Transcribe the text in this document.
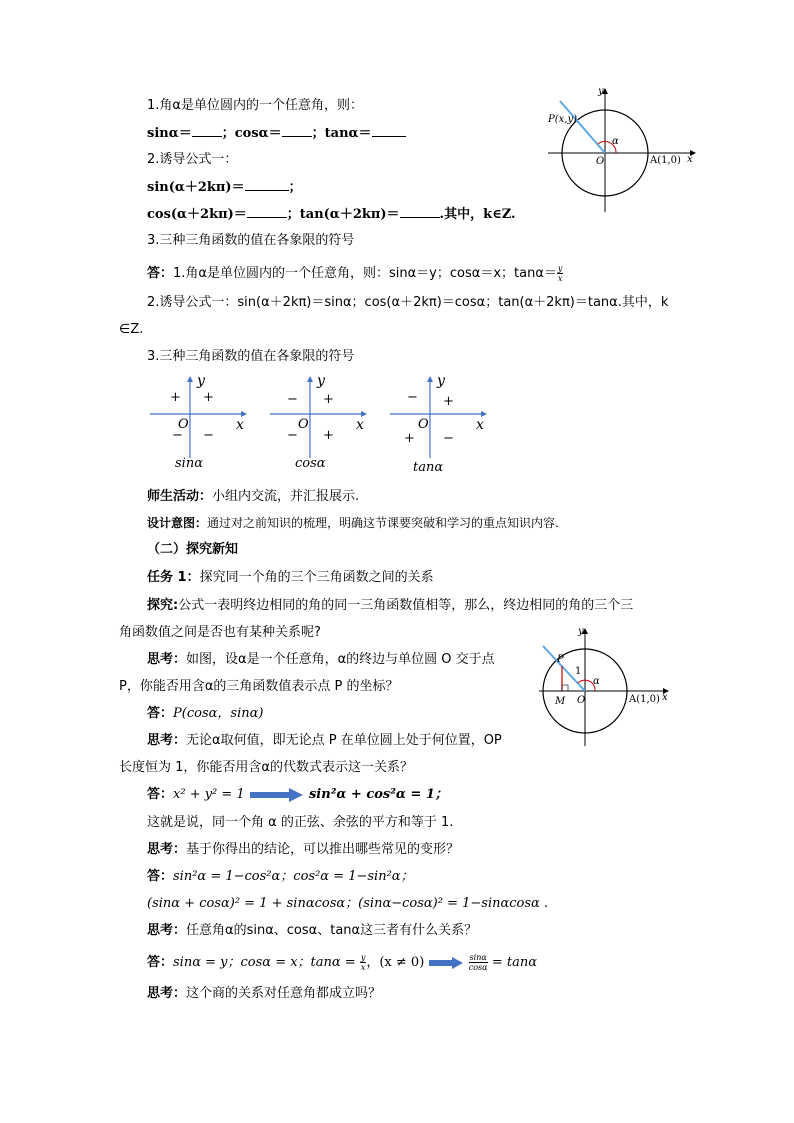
1.角α是单位圆内的一个任意角，则：
sinα＝ ；cosα＝ ；tanα＝
2.诱导公式一：
sin(α＋2kπ)＝	；
cos(α＋2kπ)＝	；tan(α＋2kπ)＝	.其中，k∈Z.
3.三种三角函数的值在各象限的符号
P(x,y)
α
O	A(1,0) x
y
答：1.角α是单位圆内的一个任意角，则：sinα＝y；cosα＝x；$\tan\alpha= \frac{y}{x}$
2.诱导公式一：sin(α＋2kπ)＝sinα；cos(α＋2kπ)＝cosα；tan(α＋2kπ)＝tanα.其中，k
∈Z.
3.三种三角函数的值在各象限的符号
y
x
O
+
+
− −
sinα
y
x
O
+
−
− +
cosα
y
x
O
+
−
+ −
tanα
师生活动：小组内交流，并汇报展示.
设计意图：通过对之前知识的梳理，明确这节课要突破和学习的重点知识内容.
（二）探究新知
任务 1：探究同一个角的三个三角函数之间的关系
探究:公式一表明终边相同的角的同一三角函数值相等，那么，终边相同的角的三个三
角函数值之间是否也有某种关系呢?
思考：如图，设α是一个任意角，α的终边与单位圆 O 交于点
P，你能否用含α的三角函数值表示点 P 的坐标？
答：P(cosα，sinα)
思考：无论α取何值，即无论点 P 在单位圆上处于何位置，OP
长度恒为 1，你能否用含α的代数式表示这一关系？
P
1
α
M O	A(1,0) x
y
答：x² + y² = 1	sin²α + cos²α = 1；
这就是说，同一个角 α 的正弦、余弦的平方和等于 1.
思考：基于你得出的结论，可以推出哪些常见的变形？
答：sin²α = 1−cos²α；cos²α = 1−sin²α；
(sinα + cosα)² = 1 + sinαcosα；(sinα−cosα)² = 1−sinαcosα .
思考：任意角α的sinα、cosα、tanα这三者有什么关系？
答：sinα = y；cosα = x；$\tan\alpha = \frac{y}{x}$ ，(x ≠ 0)	$\frac{\sin\alpha}{\cos\alpha} = \tan\alpha$
思考：这个商的关系对任意角都成立吗？
